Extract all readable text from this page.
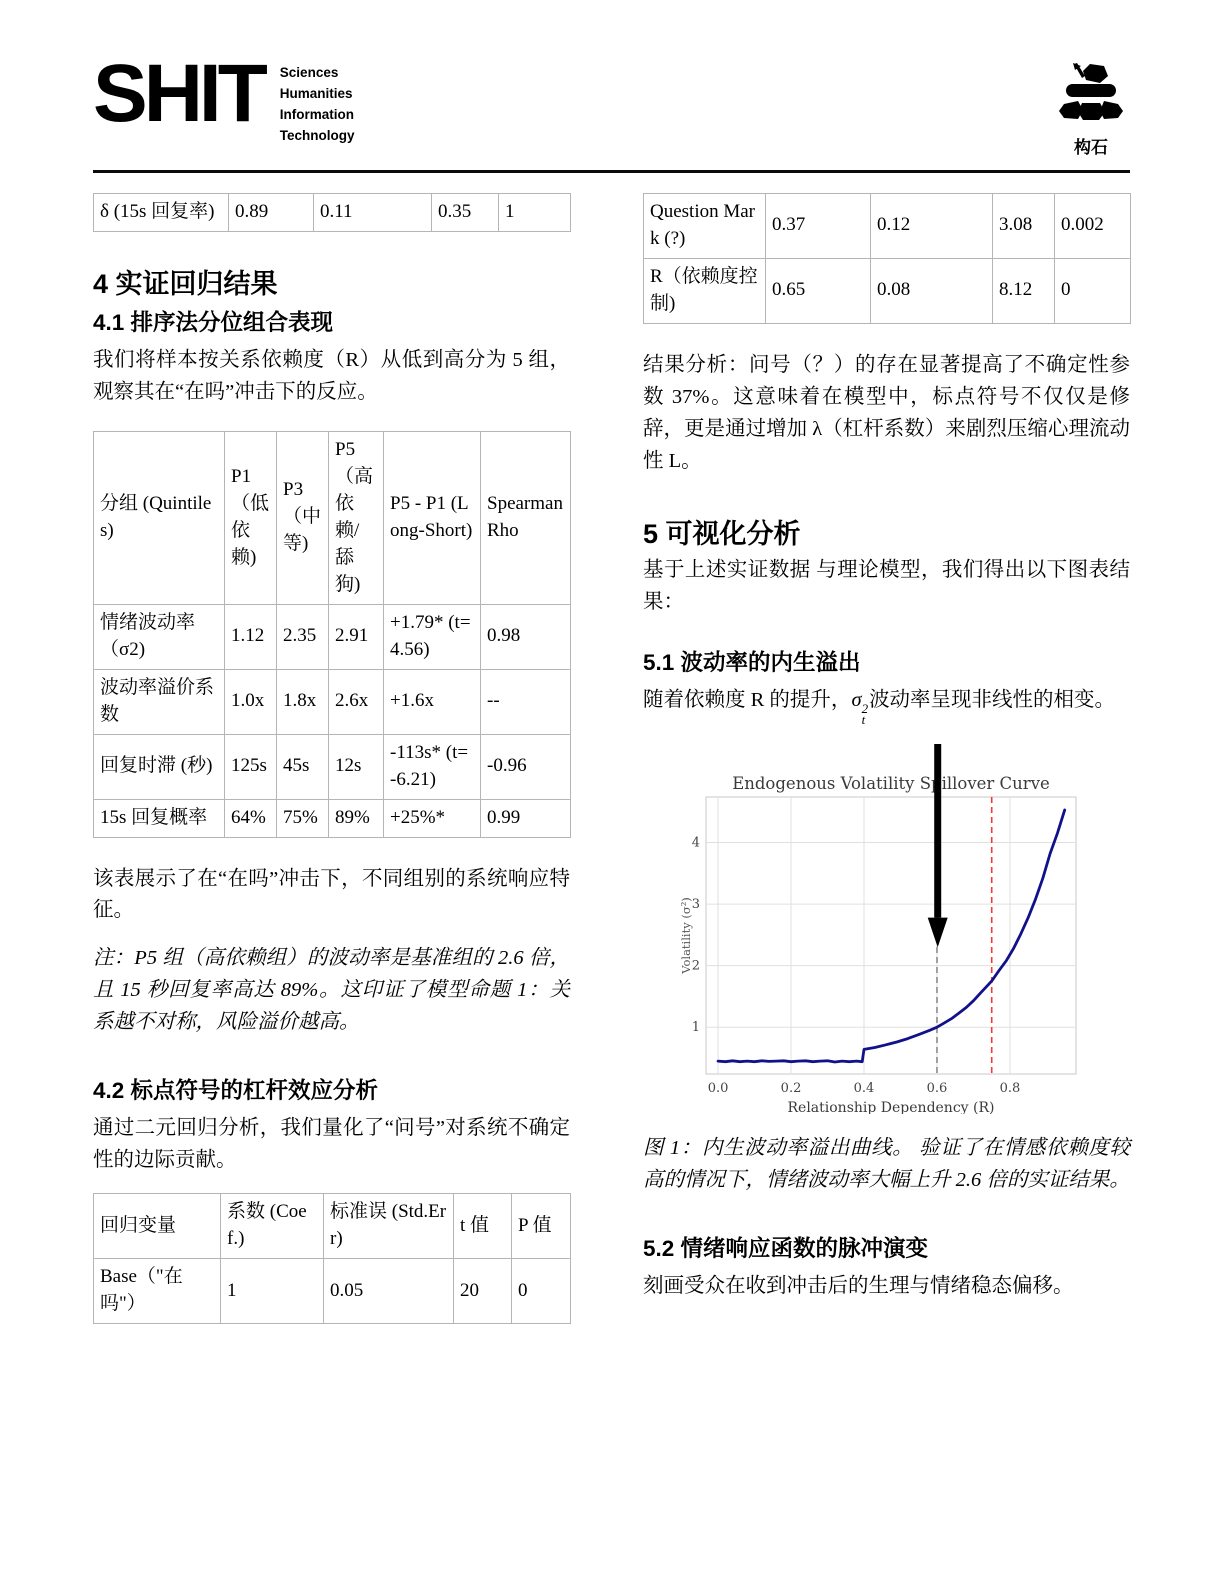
SHIT Sciences
Humanities
Information
Technology
构石
δ (15s 回复率)	0.89	0.11	0.35	1
4 实证回归结果
4.1 排序法分位组合表现

我们将样本按关系依赖度（R）从低到高分为 5 组，观察其在“在吗”冲击下的反应。

分组 (Quintiles)	P1 （低依赖)	P3 （中等)	P5 （高依赖/舔狗)	P5 - P1 (Long-Short)	Spearman Rho
情绪波动率（σ2)	1.12	2.35	2.91	+1.79* (t=4.56)	0.98
波动率溢价系数	1.0x	1.8x	2.6x	+1.6x	--
回复时滞 (秒)	125s	45s	12s	-113s* (t=-6.21)	-0.96
15s 回复概率	64%	75%	89%	+25%*	0.99

该表展示了在“在吗”冲击下，不同组别的系统响应特征。

注：P5 组（高依赖组）的波动率是基准组的 2.6 倍，且 15 秒回复率高达 89%。这印证了模型命题 1：关系越不对称，风险溢价越高。

4.2 标点符号的杠杆效应分析

通过二元回归分析，我们量化了“问号”对系统不确定性的边际贡献。

回归变量	系数 (Coef.)	标准误 (Std.Err)	t 值	P 值
Base（"在吗"）	1	0.05	20	0
Question Mark (?)	0.37	0.12	3.08	0.002
R（依赖度控制)	0.65	0.08	8.12	0

结果分析：问号（？）的存在显著提高了不确定性参数 37%。这意味着在模型中，标点符号不仅仅是修辞，更是通过增加 λ（杠杆系数）来剧烈压缩心理流动性 L。

5 可视化分析

基于上述实证数据 与理论模型，我们得出以下图表结果：

5.1 波动率的内生溢出

随着依赖度 R 的提升，σ 2
t
波动率呈现非线性的相变。

0.0	0.2	0.4	0.6	0.8
1
2
3
4
Endogenous Volatility Spillover Curve
Relationship Dependency (R)
Volatility (σ²)

图 1：内生波动率溢出曲线。 验证了在情感依赖度较高的情况下，情绪波动率大幅上升 2.6 倍的实证结果。

5.2 情绪响应函数的脉冲演变

刻画受众在收到冲击后的生理与情绪稳态偏移。
